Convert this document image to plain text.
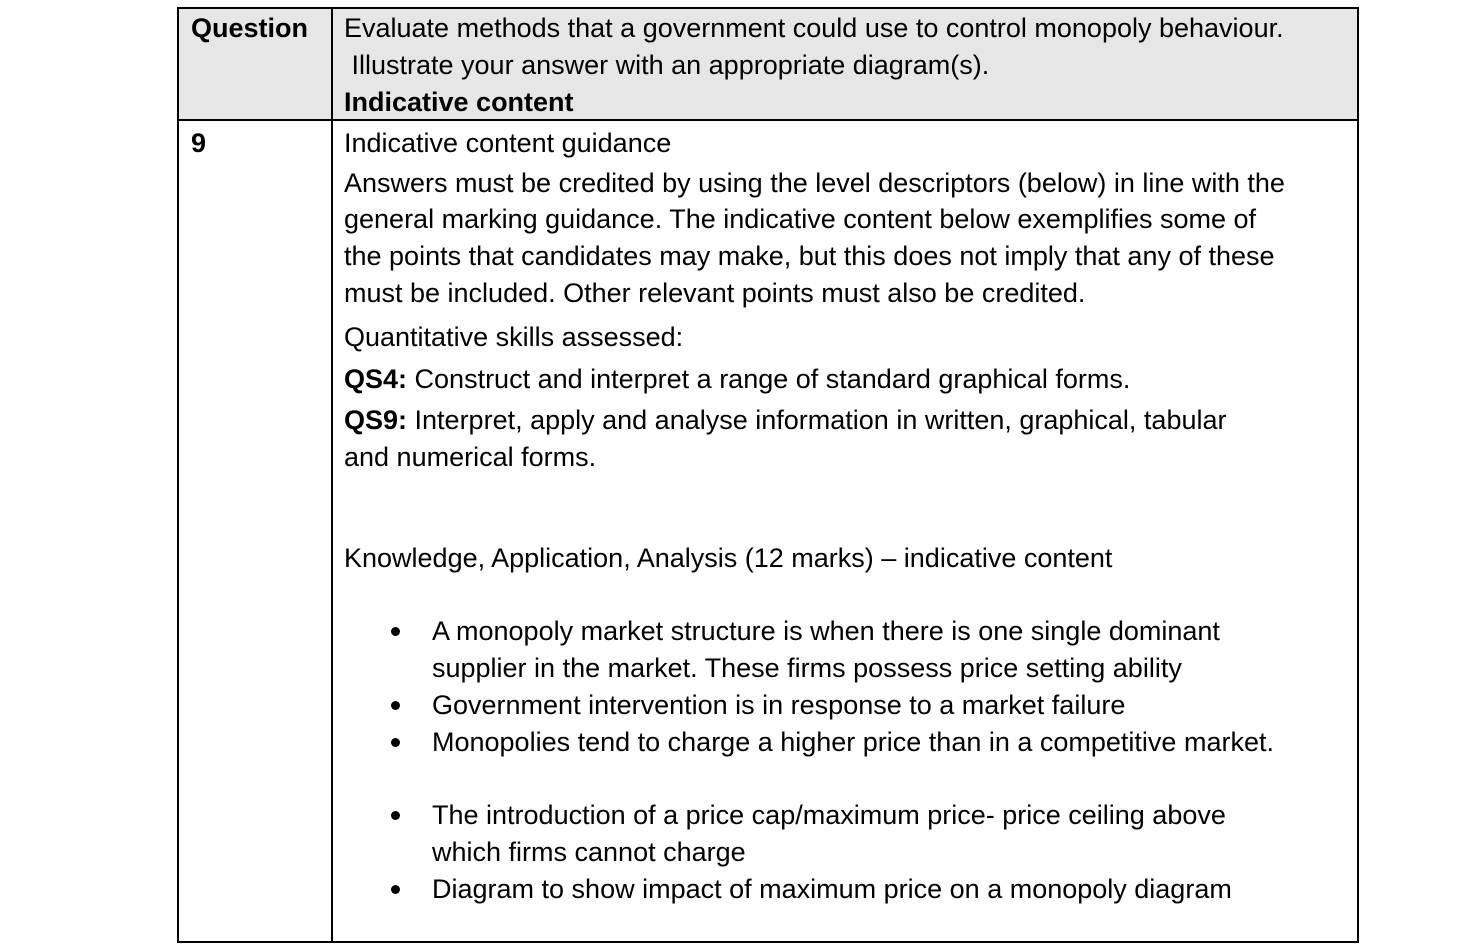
Question Evaluate methods that a government could use to control monopoly behaviour.
Illustrate your answer with an appropriate diagram(s).
Indicative content
9	Indicative content guidance
Answers must be credited by using the level descriptors (below) in line with the
general marking guidance. The indicative content below exemplifies some of
the points that candidates may make, but this does not imply that any of these
must be included. Other relevant points must also be credited.
Quantitative skills assessed:
QS4: Construct and interpret a range of standard graphical forms.
QS9: Interpret, apply and analyse information in written, graphical, tabular
and numerical forms.
Knowledge, Application, Analysis (12 marks) – indicative content
A monopoly market structure is when there is one single dominant
supplier in the market. These firms possess price setting ability
Government intervention is in response to a market failure
Monopolies tend to charge a higher price than in a competitive market.
The introduction of a price cap/maximum price- price ceiling above
which firms cannot charge
Diagram to show impact of maximum price on a monopoly diagram
